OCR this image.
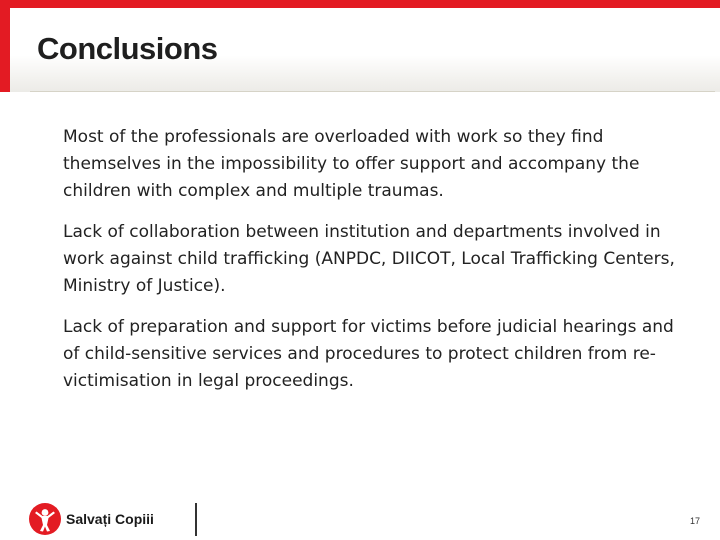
Conclusions

Most of the professionals are overloaded with work so they find themselves in the impossibility to offer support and accompany the children with complex and multiple traumas.

Lack of collaboration between institution and departments involved in work against child trafficking (ANPDC, DIICOT, Local Trafficking Centers, Ministry of Justice).

Lack of preparation and support for victims before judicial hearings and of child-sensitive services and procedures to protect children from re-victimisation in legal proceedings.

Salvați Copiii	17
